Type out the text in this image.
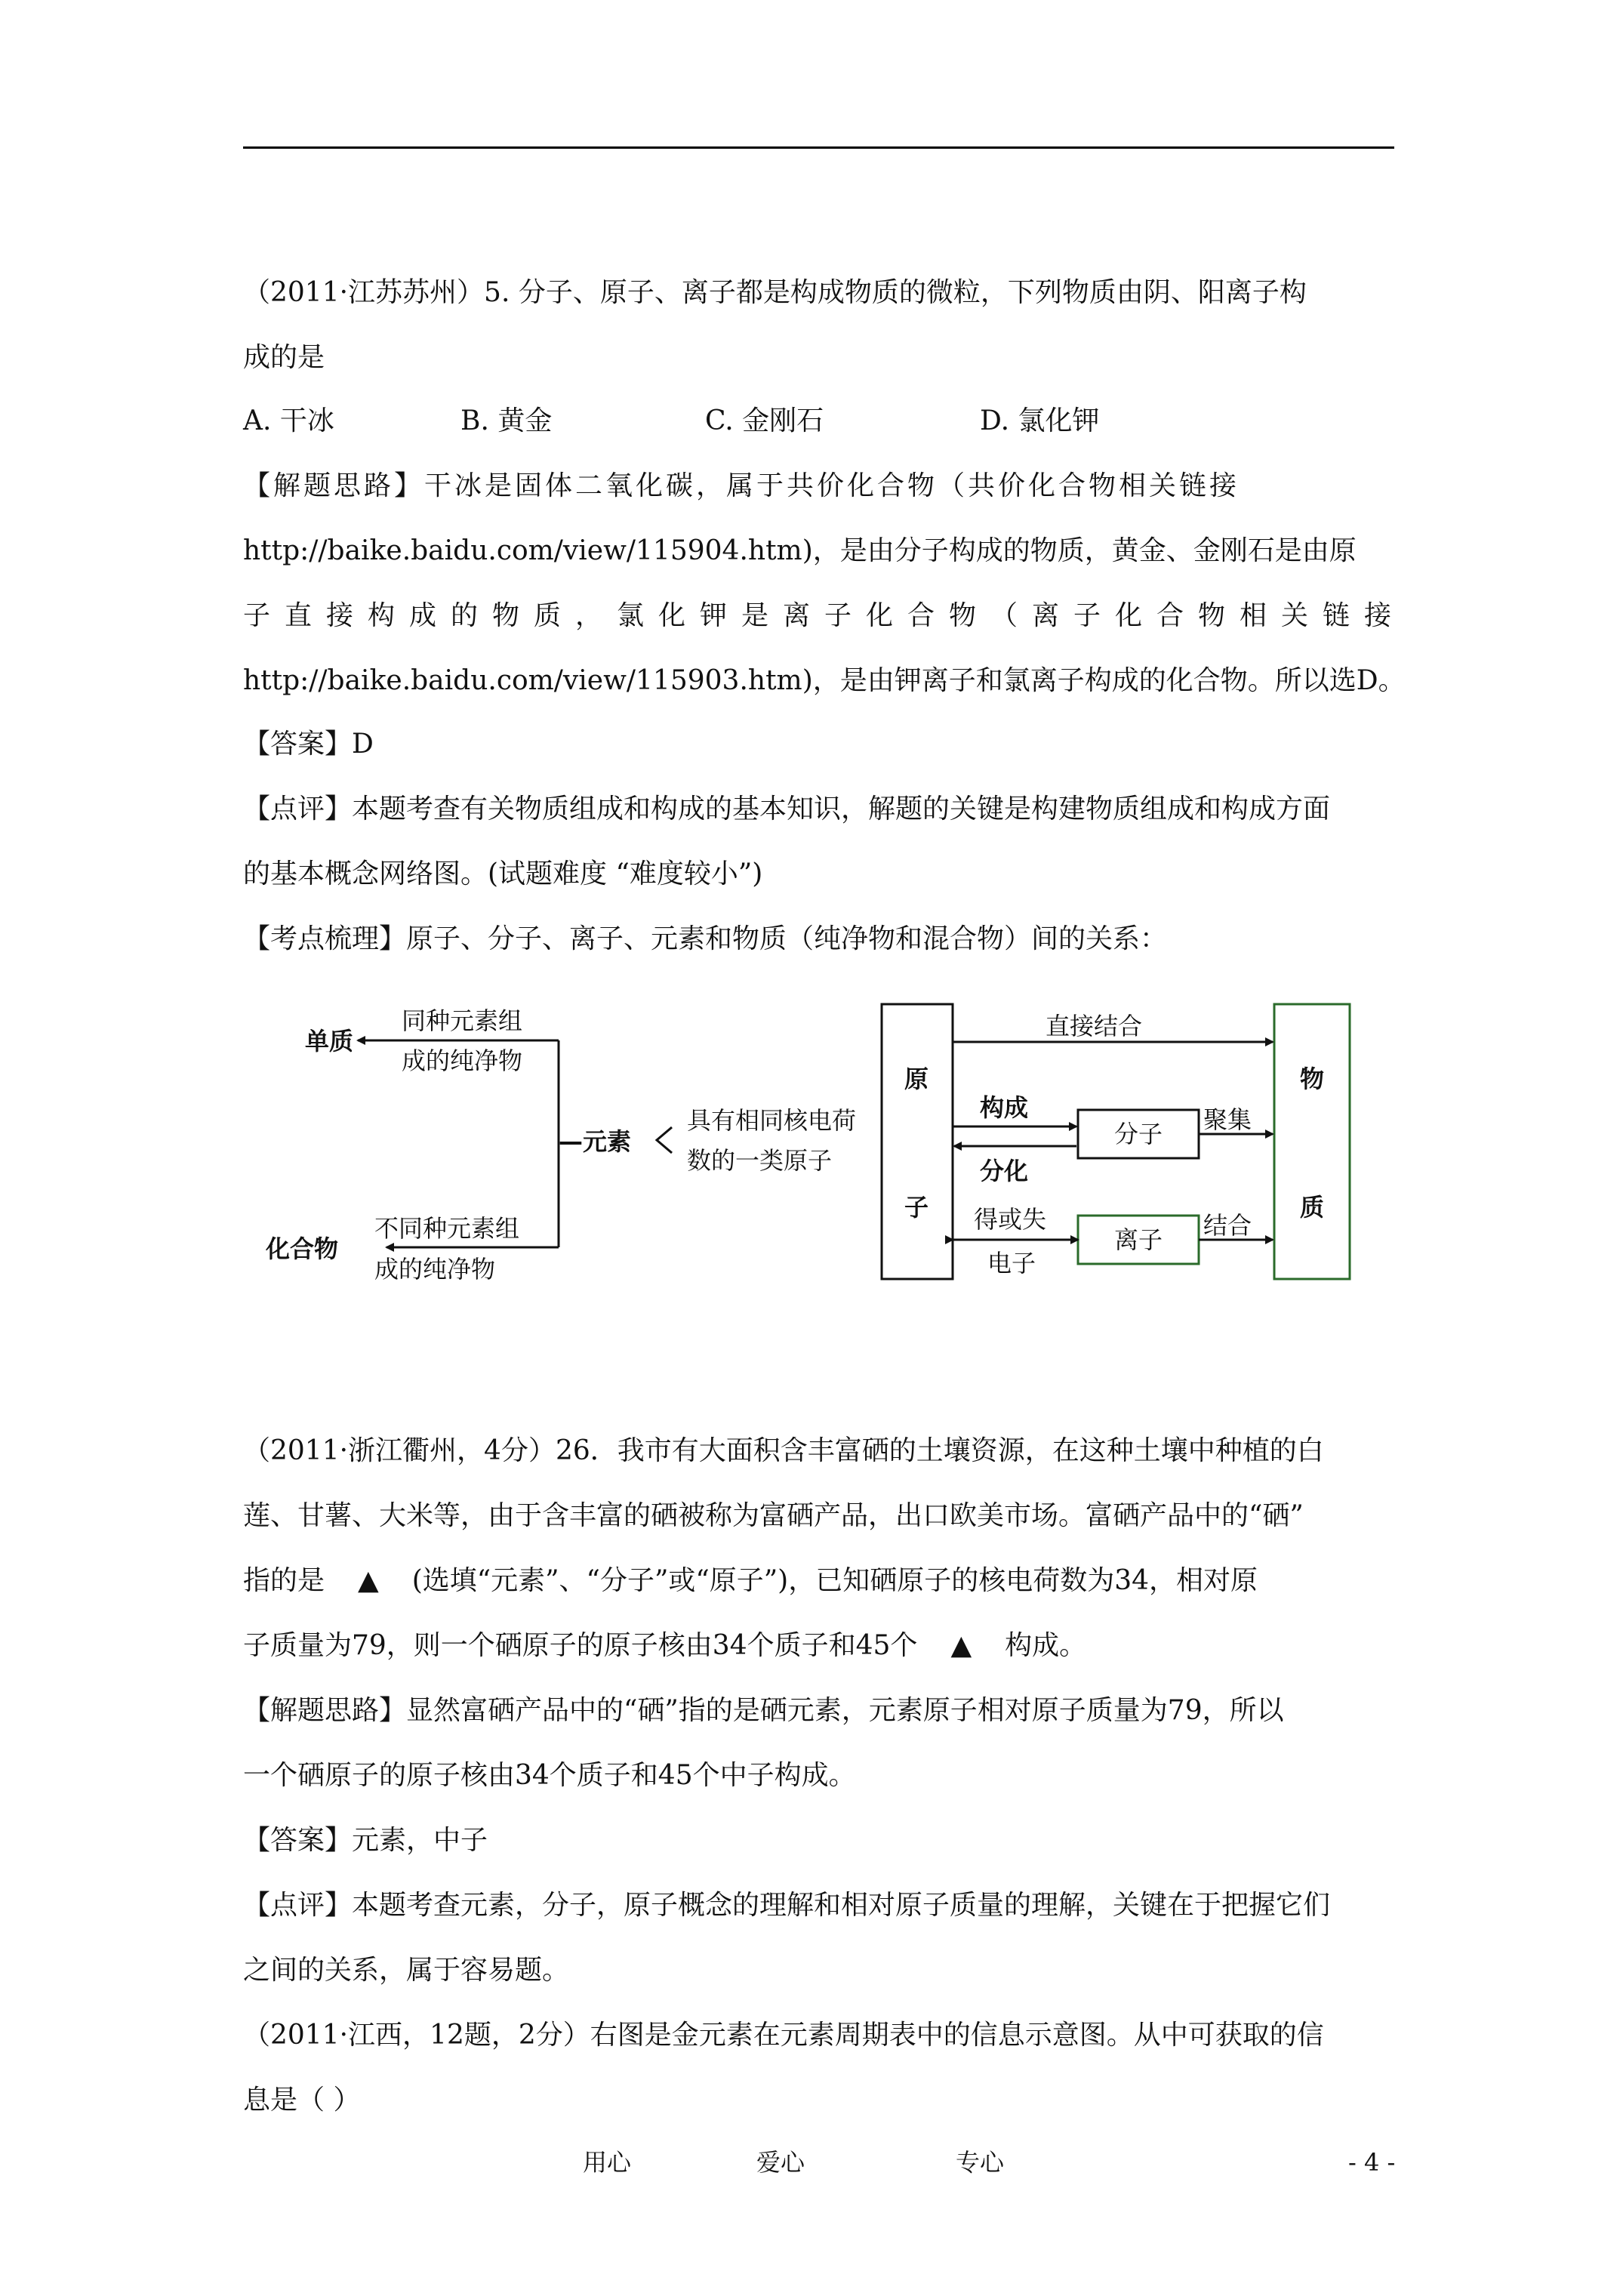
（2011·江苏苏州）5. 分子、原子、离子都是构成物质的微粒，下列物质由阴、阳离子构
成的是
A. 干冰	B. 黄金	C. 金刚石	D. 氯化钾
【解题思路】干冰是固体二氧化碳，属于共价化合物（共价化合物相关链接
http://baike.baidu.com/view/115904.htm)，是由分子构成的物质，黄金、金刚石是由原
子直接构成的物质，氯化钾是离子化合物（离子化合物相关链接
http://baike.baidu.com/view/115903.htm)，是由钾离子和氯离子构成的化合物。所以选D。
【答案】D
【点评】本题考查有关物质组成和构成的基本知识，解题的关键是构建物质组成和构成方面
的基本概念网络图。(试题难度 “难度较小”)
【考点梳理】原子、分子、离子、元素和物质（纯净物和混合物）间的关系：
单质
同种元素组
成的纯净物
—元素
化合物
不同种元素组
成的纯净物
具有相同核电荷
数的一类原子
原
子
物
质
直接结合
分子
构成
分化
聚集
离子
得或失
电子
结合
（2011·浙江衢州，4分）26．我市有大面积含丰富硒的土壤资源，在这种土壤中种植的白
莲、甘薯、大米等，由于含丰富的硒被称为富硒产品，出口欧美市场。富硒产品中的“硒”
指的是 ▲ (选填“元素”、“分子”或“原子”)，已知硒原子的核电荷数为34，相对原
子质量为79，则一个硒原子的原子核由34个质子和45个 ▲ 构成。
【解题思路】显然富硒产品中的“硒”指的是硒元素，元素原子相对原子质量为79，所以
一个硒原子的原子核由34个质子和45个中子构成。
【答案】元素，中子
【点评】本题考查元素，分子，原子概念的理解和相对原子质量的理解，关键在于把握它们
之间的关系，属于容易题。
（2011·江西，12题，2分）右图是金元素在元素周期表中的信息示意图。从中可获取的信
息是（ ）
用心	爱心	专心	- 4 -
